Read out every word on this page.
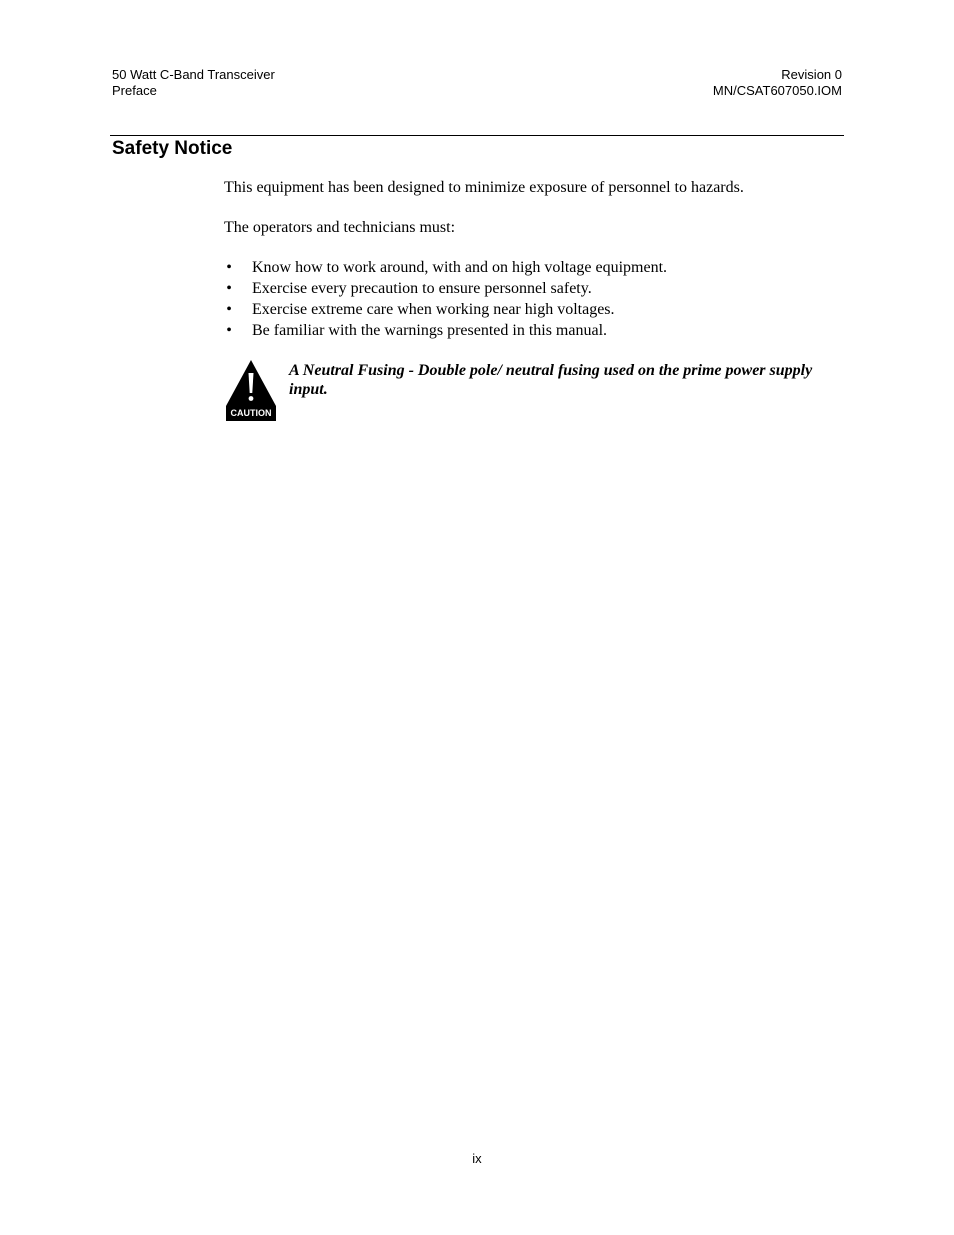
50 Watt C-Band Transceiver
Preface
Revision 0
MN/CSAT607050.IOM
Safety Notice

This equipment has been designed to minimize exposure of personnel to hazards.

The operators and technicians must:

• Know how to work around, with and on high voltage equipment.
• Exercise every precaution to ensure personnel safety.
• Exercise extreme care when working near high voltages.
• Be familiar with the warnings presented in this manual.
CAUTION

A Neutral Fusing - Double pole/ neutral fusing used on the prime power supply input.

ix
